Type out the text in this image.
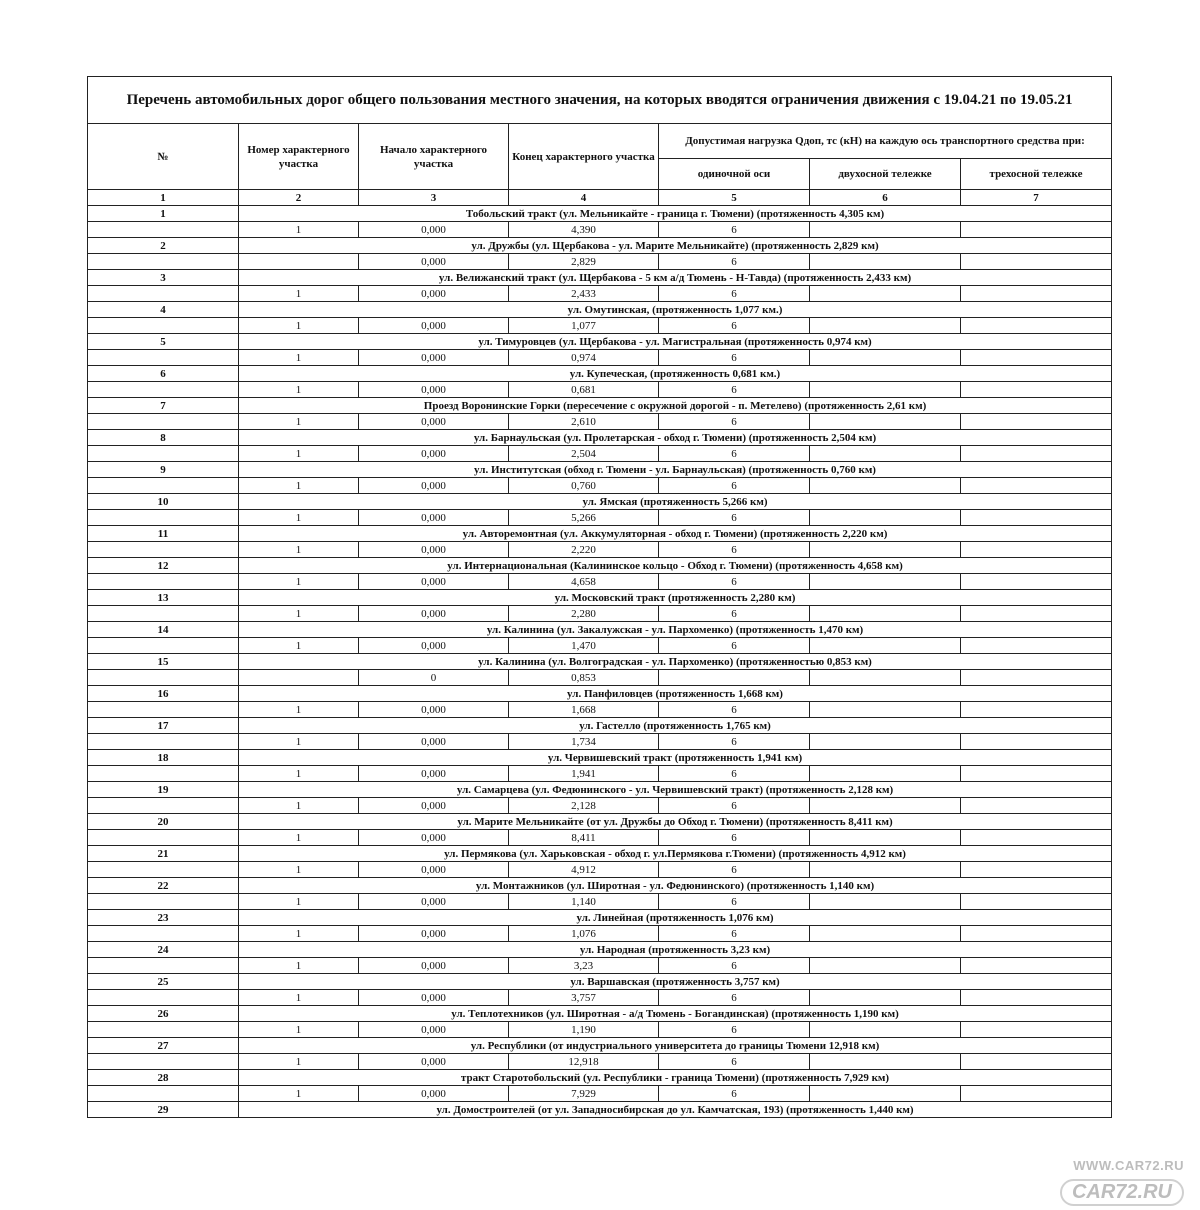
Перечень автомобильных дорог общего пользования местного значения, на которых вводятся ограничения движения с 19.04.21 по 19.05.21						
№	Номер характерного участка	Начало характерного участка	Конец характерного участка	Допустимая нагрузка Qдоп, тс (кН) на каждую ось транспортного средства при:		
				одиночной оси	двухосной тележке	трехосной тележке
1	2	3	4	5	6	7
1	Тобольский тракт (ул. Мельникайте - граница г. Тюмени) (протяженность 4,305 км)					
	1	0,000	4,390	6		
2	ул. Дружбы (ул. Щербакова - ул. Марите Мельникайте) (протяженность 2,829 км)					
		0,000	2,829	6		
3	ул. Велижанский тракт (ул. Щербакова - 5 км а/д Тюмень - Н-Тавда) (протяженность 2,433 км)					
	1	0,000	2,433	6		
4	ул. Омутинская, (протяженность 1,077 км.)					
	1	0,000	1,077	6		
5	ул. Тимуровцев (ул. Щербакова - ул. Магистральная (протяженность 0,974 км)					
	1	0,000	0,974	6		
6	ул. Купеческая, (протяженность 0,681 км.)					
	1	0,000	0,681	6		
7	Проезд Воронинские Горки (пересечение с окружной дорогой - п. Метелево) (протяженность 2,61 км)					
	1	0,000	2,610	6		
8	ул. Барнаульская (ул. Пролетарская - обход г. Тюмени) (протяженность 2,504 км)					
	1	0,000	2,504	6		
9	ул. Институтская (обход г. Тюмени - ул. Барнаульская) (протяженность 0,760 км)					
	1	0,000	0,760	6		
10	ул. Ямская (протяженность 5,266 км)					
	1	0,000	5,266	6		
11	ул. Авторемонтная (ул. Аккумуляторная - обход г. Тюмени) (протяженность 2,220 км)					
	1	0,000	2,220	6		
12	ул. Интернациональная (Калининское кольцо - Обход г. Тюмени) (протяженность 4,658 км)					
	1	0,000	4,658	6		
13	ул. Московский тракт (протяженность 2,280 км)					
	1	0,000	2,280	6		
14	ул. Калинина (ул. Закалужская - ул. Пархоменко) (протяженность 1,470 км)					
	1	0,000	1,470	6		
15	ул. Калинина (ул. Волгоградская - ул. Пархоменко) (протяженностью 0,853 км)					
		0	0,853			
16	ул. Панфиловцев (протяженность 1,668 км)					
	1	0,000	1,668	6		
17	ул. Гастелло (протяженность 1,765 км)					
	1	0,000	1,734	6		
18	ул. Червишевский тракт (протяженность 1,941 км)					
	1	0,000	1,941	6		
19	ул. Самарцева (ул. Федюнинского - ул. Червишевский тракт) (протяженность 2,128 км)					
	1	0,000	2,128	6		
20	ул. Марите Мельникайте (от ул. Дружбы до Обход г. Тюмени) (протяженность 8,411 км)					
	1	0,000	8,411	6		
21	ул. Пермякова (ул. Харьковская - обход г. ул.Пермякова г.Тюмени) (протяженность 4,912 км)					
	1	0,000	4,912	6		
22	ул. Монтажников (ул. Широтная - ул. Федюнинского) (протяженность 1,140 км)					
	1	0,000	1,140	6		
23	ул. Линейная (протяженность 1,076 км)					
	1	0,000	1,076	6		
24	ул. Народная (протяженность 3,23 км)					
	1	0,000	3,23	6		
25	ул. Варшавская (протяженность 3,757 км)					
	1	0,000	3,757	6		
26	ул. Теплотехников (ул. Широтная - а/д Тюмень - Богандинская) (протяженность 1,190 км)					
	1	0,000	1,190	6		
27	ул. Республики (от индустриального университета до границы Тюмени 12,918 км)					
	1	0,000	12,918	6		
28	тракт Старотобольский (ул. Республики - граница Тюмени) (протяженность 7,929 км)					
	1	0,000	7,929	6		
29	ул. Домостроителей (от ул. Западносибирская до ул. Камчатская, 193) (протяженность 1,440 км)					
WWW.CAR72.RU
CAR72.RU
